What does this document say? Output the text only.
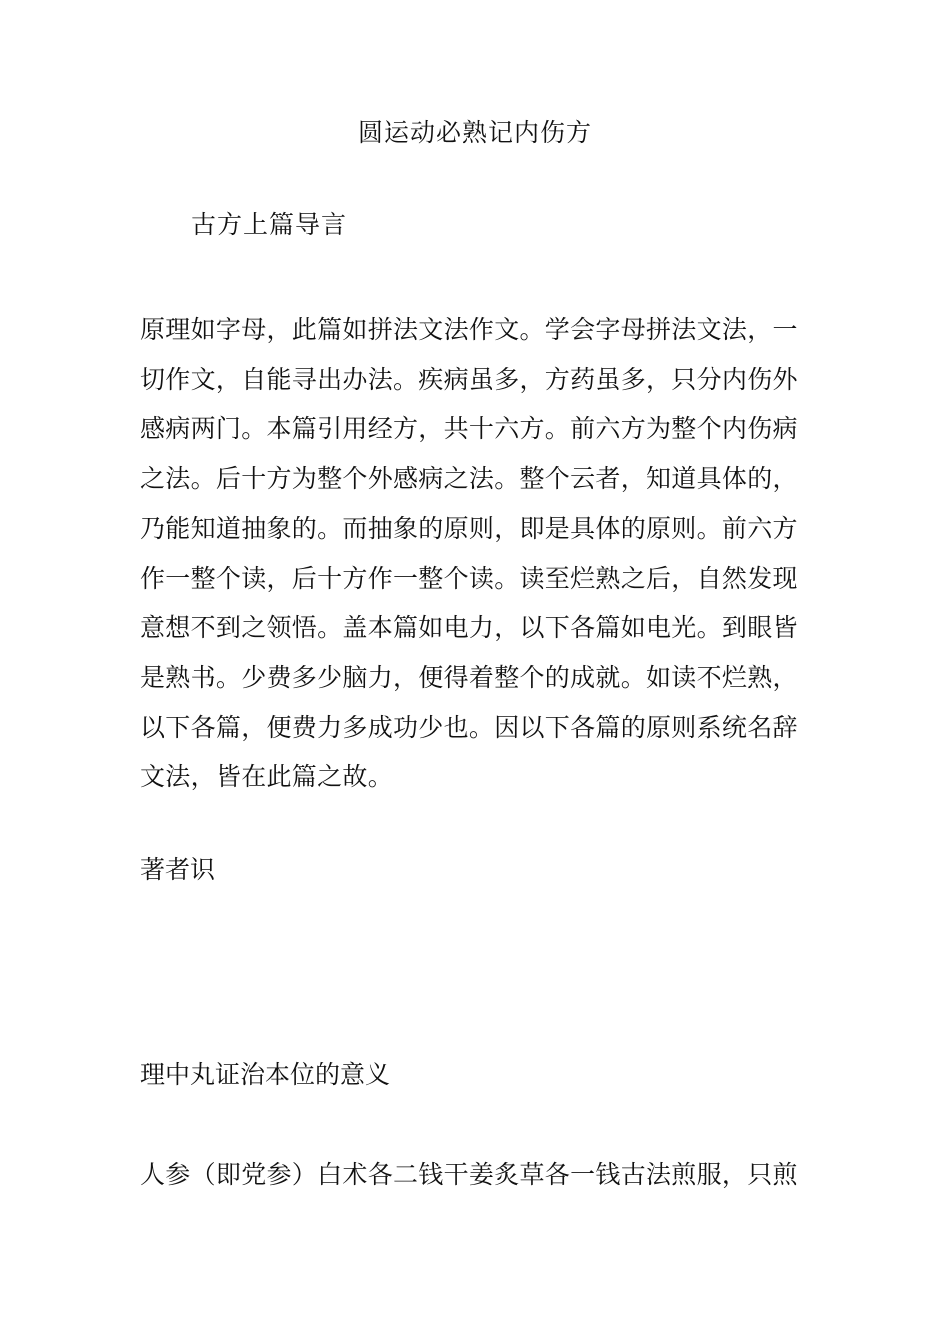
圆运动必熟记内伤方
古方上篇导言
原理如字母，此篇如拼法文法作文。学会字母拼法文法，一
切作文，自能寻出办法。疾病虽多，方药虽多，只分内伤外
感病两门。本篇引用经方，共十六方。前六方为整个内伤病
之法。后十方为整个外感病之法。整个云者，知道具体的，
乃能知道抽象的。而抽象的原则，即是具体的原则。前六方
作一整个读，后十方作一整个读。读至烂熟之后，自然发现
意想不到之领悟。盖本篇如电力，以下各篇如电光。到眼皆
是熟书。少费多少脑力，便得着整个的成就。如读不烂熟，
以下各篇，便费力多成功少也。因以下各篇的原则系统名辞
文法，皆在此篇之故。
著者识
理中丸证治本位的意义
人参（即党参）白术各二钱干姜炙草各一钱古法煎服，只煎
